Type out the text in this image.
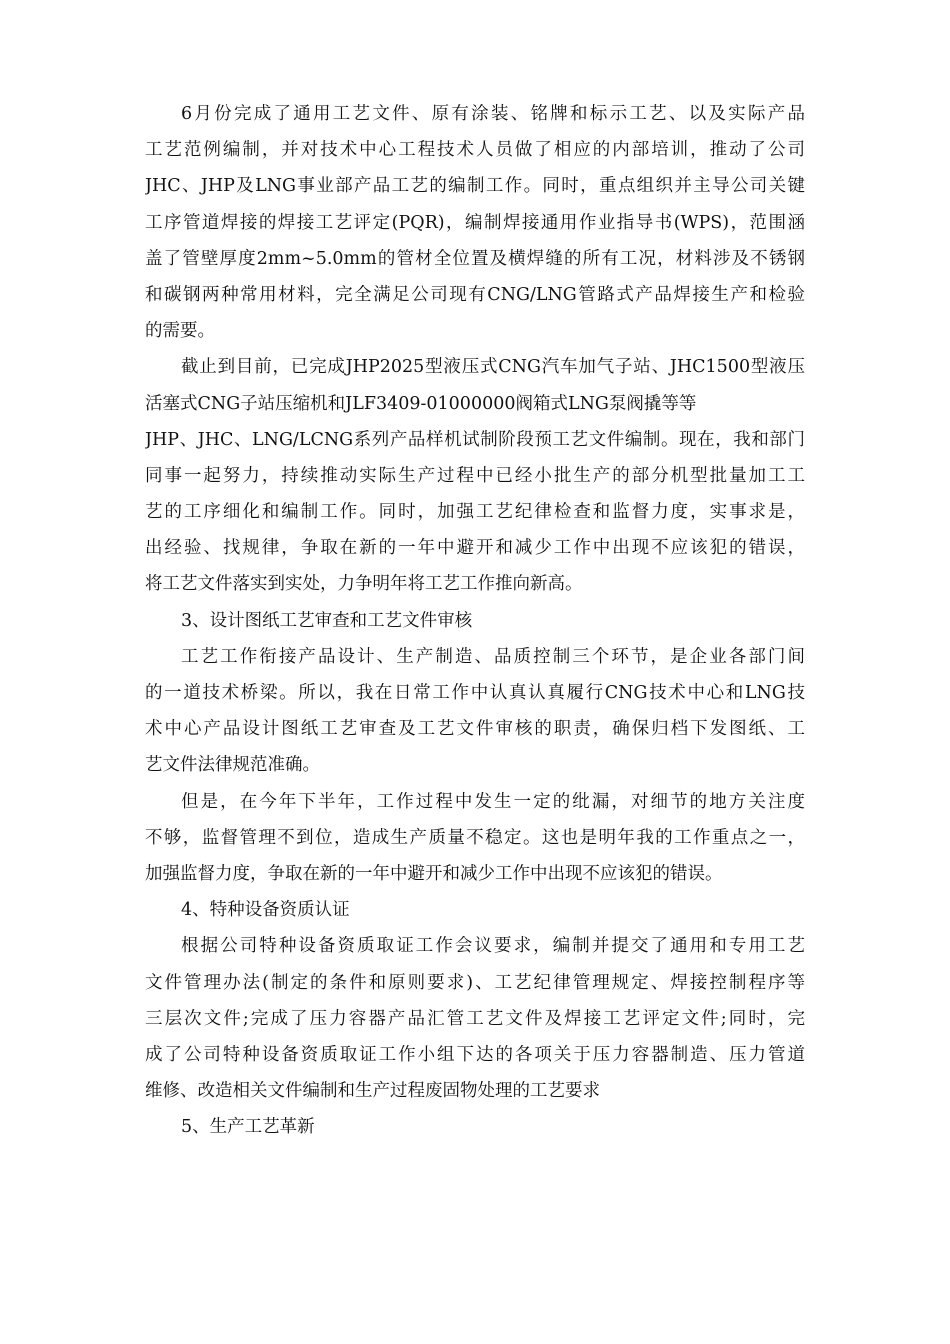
6月份完成了通用工艺文件、原有涂装、铭牌和标示工艺、以及实际产品
工艺范例编制，并对技术中心工程技术人员做了相应的内部培训，推动了公司
JHC、JHP及LNG事业部产品工艺的编制工作。同时，重点组织并主导公司关键
工序管道焊接的焊接工艺评定(PQR)，编制焊接通用作业指导书(WPS)，范围涵
盖了管壁厚度2mm~5.0mm的管材全位置及横焊缝的所有工况，材料涉及不锈钢
和碳钢两种常用材料，完全满足公司现有CNG/LNG管路式产品焊接生产和检验
的需要。
截止到目前，已完成JHP2025型液压式CNG汽车加气子站、JHC1500型液压
活塞式CNG子站压缩机和JLF3409-01000000阀箱式LNG泵阀撬等等
JHP、JHC、LNG/LCNG系列产品样机试制阶段预工艺文件编制。现在，我和部门
同事一起努力，持续推动实际生产过程中已经小批生产的部分机型批量加工工
艺的工序细化和编制工作。同时，加强工艺纪律检查和监督力度，实事求是，
出经验、找规律，争取在新的一年中避开和减少工作中出现不应该犯的错误，
将工艺文件落实到实处，力争明年将工艺工作推向新高。
3、设计图纸工艺审查和工艺文件审核
工艺工作衔接产品设计、生产制造、品质控制三个环节，是企业各部门间
的一道技术桥梁。所以，我在日常工作中认真认真履行CNG技术中心和LNG技
术中心产品设计图纸工艺审查及工艺文件审核的职责，确保归档下发图纸、工
艺文件法律规范准确。
但是，在今年下半年，工作过程中发生一定的纰漏，对细节的地方关注度
不够，监督管理不到位，造成生产质量不稳定。这也是明年我的工作重点之一，
加强监督力度，争取在新的一年中避开和减少工作中出现不应该犯的错误。
4、特种设备资质认证
根据公司特种设备资质取证工作会议要求，编制并提交了通用和专用工艺
文件管理办法(制定的条件和原则要求)、工艺纪律管理规定、焊接控制程序等
三层次文件;完成了压力容器产品汇管工艺文件及焊接工艺评定文件;同时，完
成了公司特种设备资质取证工作小组下达的各项关于压力容器制造、压力管道
维修、改造相关文件编制和生产过程废固物处理的工艺要求
5、生产工艺革新
